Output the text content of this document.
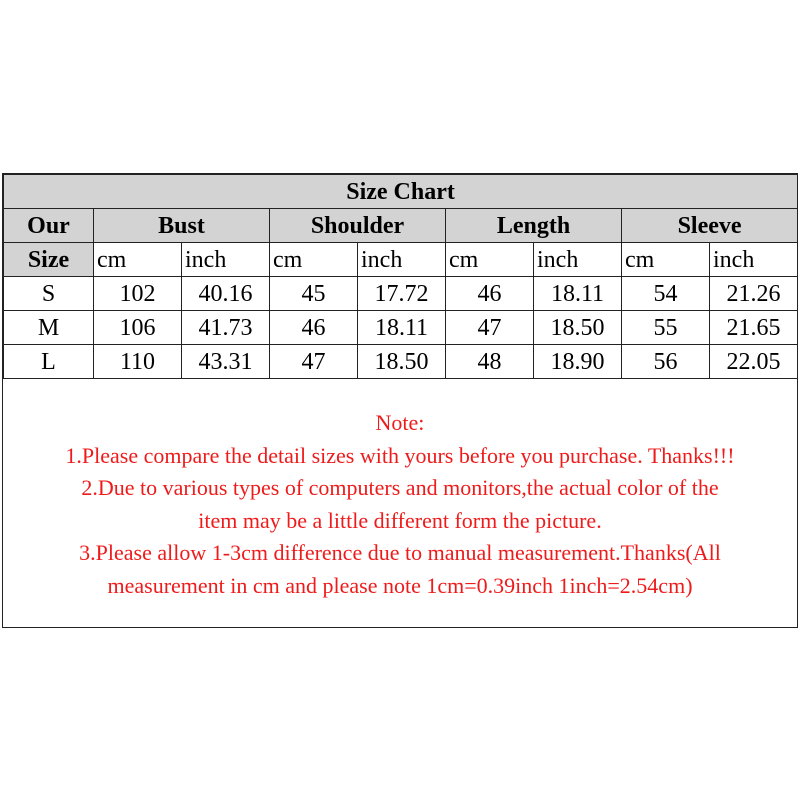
Size Chart								
Our	Bust		Shoulder		Length		Sleeve	
Size	cm	inch	cm	inch	cm	inch	cm	inch
S	102	40.16	45	17.72	46	18.11	54	21.26
M	106	41.73	46	18.11	47	18.50	55	21.65
L	110	43.31	47	18.50	48	18.90	56	22.05
Note:
1.Please compare the detail sizes with yours before you purchase. Thanks!!!
2.Due to various types of computers and monitors,the actual color of the
item may be a little different form the picture.
3.Please allow 1-3cm difference due to manual measurement.Thanks(All
measurement in cm and please note 1cm=0.39inch 1inch=2.54cm)
